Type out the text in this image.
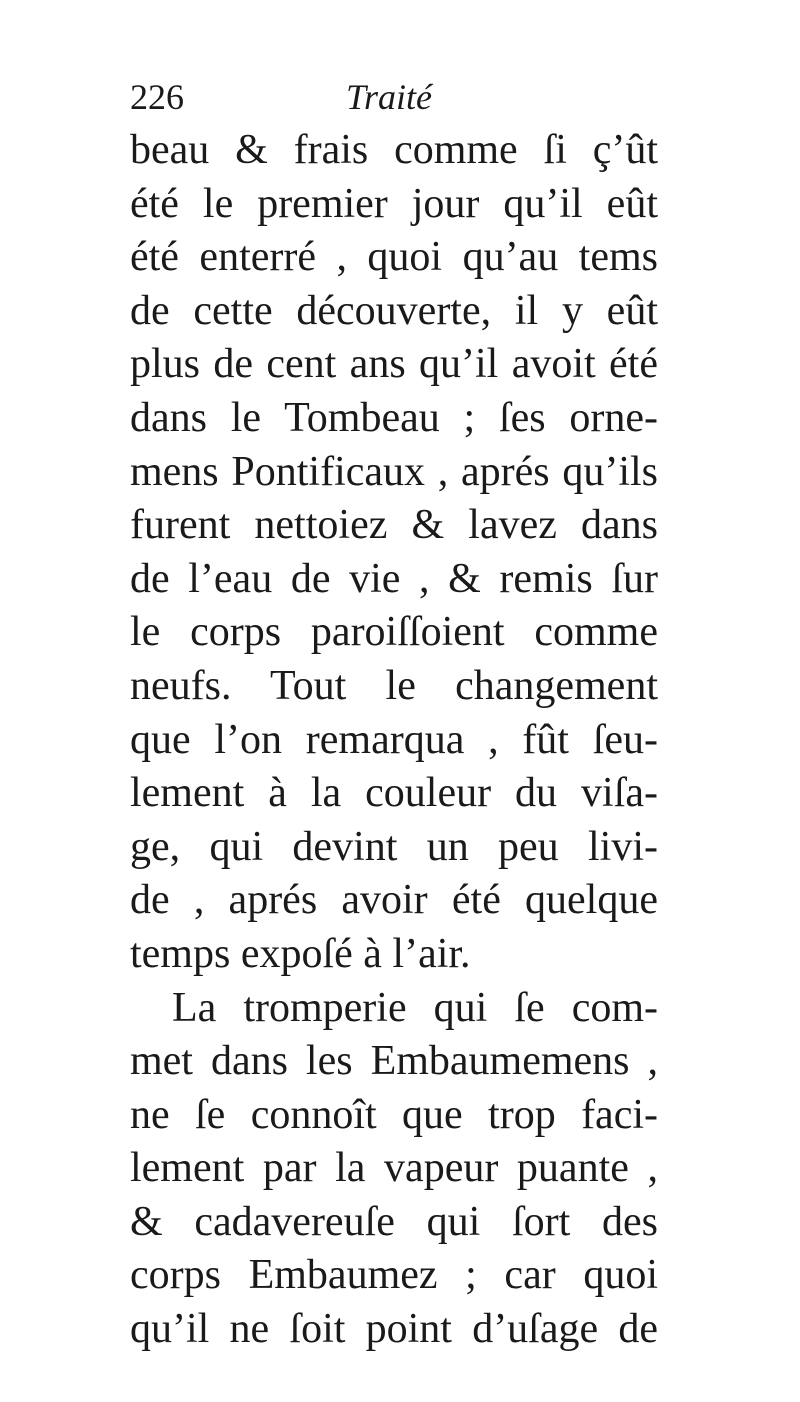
226	Traité
beau & frais comme ſi ç’ût
été le premier jour qu’il eût
été enterré , quoi qu’au tems
de cette découverte, il y eût
plus de cent ans qu’il avoit été
dans le Tombeau ; ſes orne-
mens Pontificaux , aprés qu’ils
furent nettoiez & lavez dans
de l’eau de vie , & remis ſur
le corps paroiſſoient comme
neufs. Tout le changement
que l’on remarqua , fût ſeu-
lement à la couleur du viſa-
ge, qui devint un peu livi-
de , aprés avoir été quelque
temps expoſé à l’air.
La tromperie qui ſe com-
met dans les Embaumemens ,
ne ſe connoît que trop faci-
lement par la vapeur puante ,
& cadavereuſe qui ſort des
corps Embaumez ; car quoi
qu’il ne ſoit point d’uſage de
